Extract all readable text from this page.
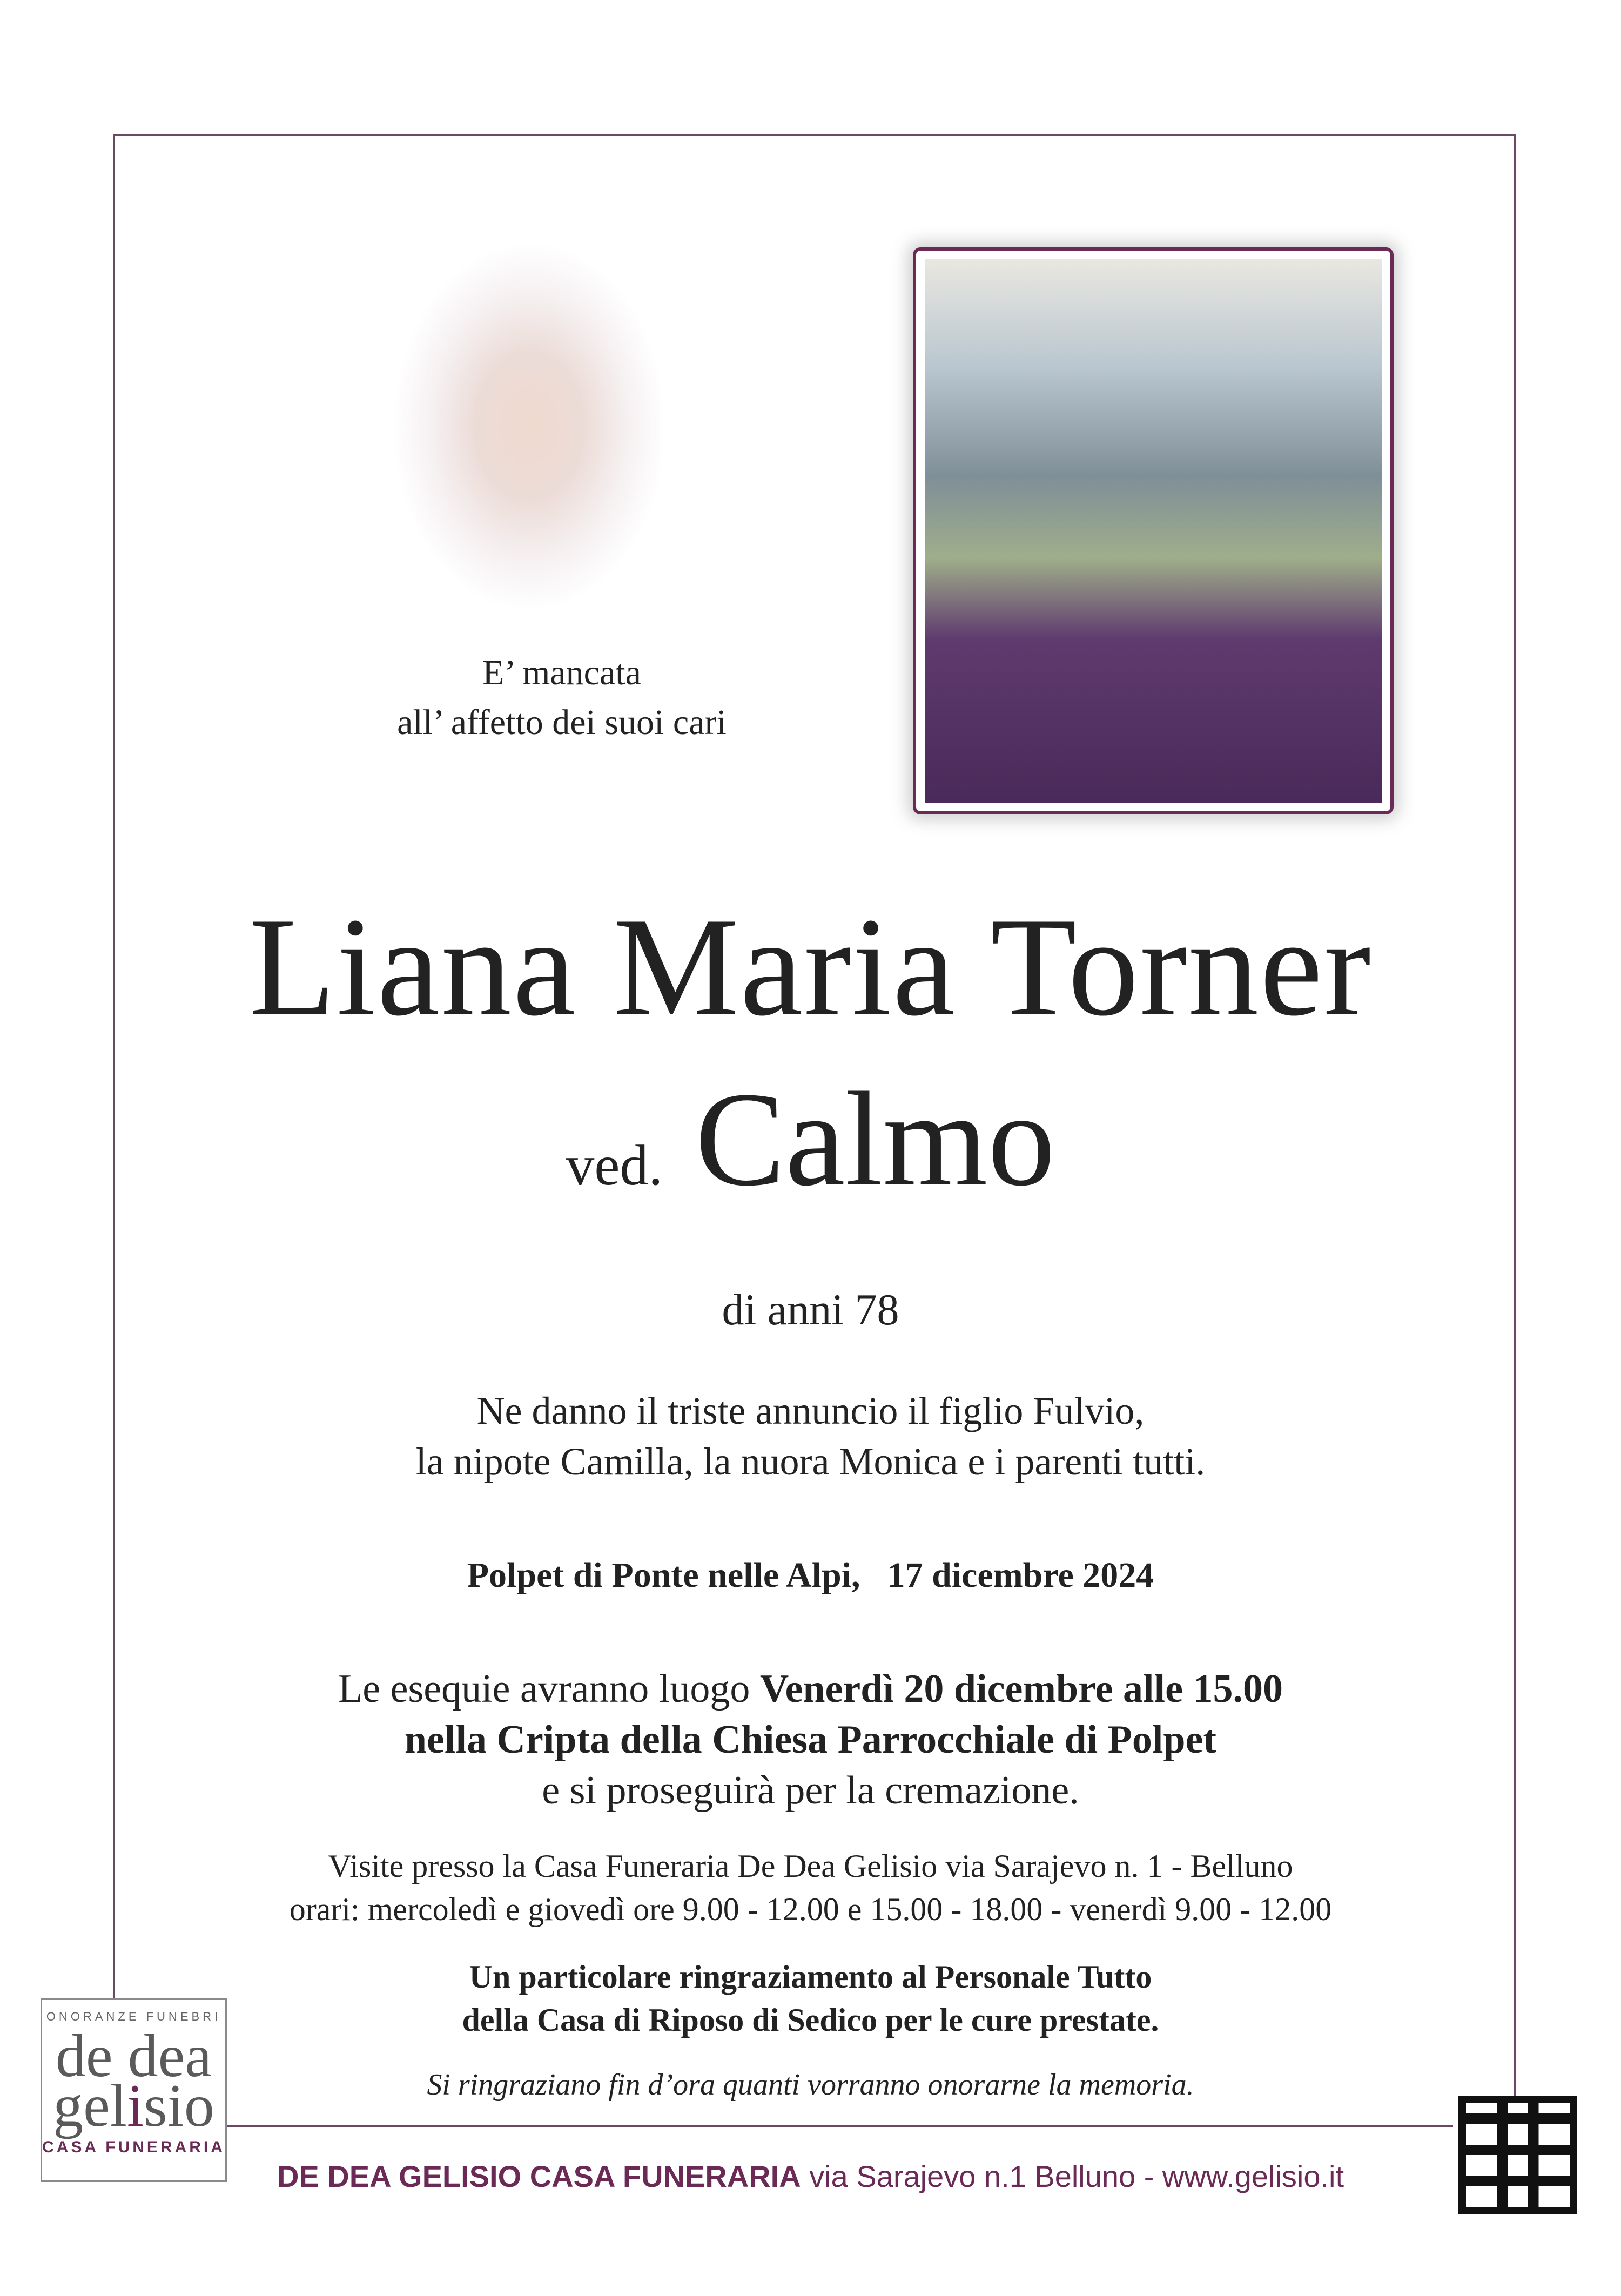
E’ mancata
all’ affetto dei suoi cari
Liana Maria Torner
ved. Calmo
di anni 78
Ne danno il triste annuncio il figlio Fulvio,
la nipote Camilla, la nuora Monica e i parenti tutti.
Polpet di Ponte nelle Alpi, 17 dicembre 2024
Le esequie avranno luogo Venerdì 20 dicembre alle 15.00
nella Cripta della Chiesa Parrocchiale di Polpet
e si proseguirà per la cremazione.
Visite presso la Casa Funeraria De Dea Gelisio via Sarajevo n. 1 - Belluno
orari: mercoledì e giovedì ore 9.00 - 12.00 e 15.00 - 18.00 - venerdì 9.00 - 12.00
Un particolare ringraziamento al Personale Tutto
della Casa di Riposo di Sedico per le cure prestate.
Si ringraziano fin d’ora quanti vorranno onorarne la memoria.
ONORANZE FUNEBRI
de dea
gelisio
CASA FUNERARIA
DE DEA GELISIO CASA FUNERARIA via Sarajevo n.1 Belluno - www.gelisio.it
